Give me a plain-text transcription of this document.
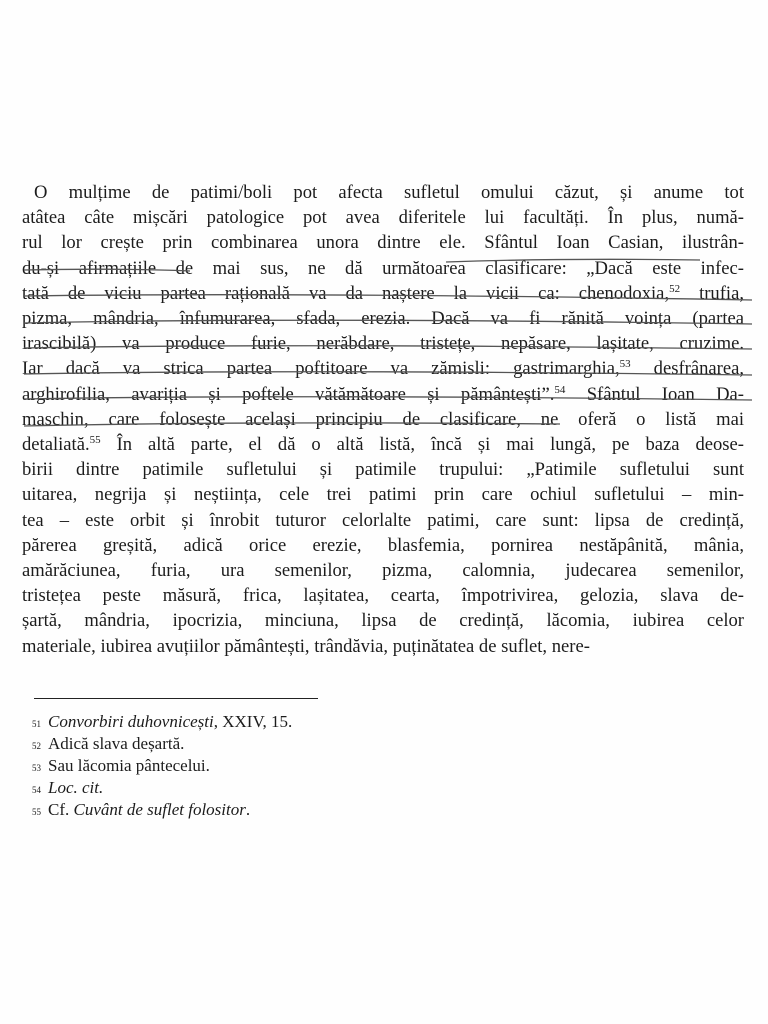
O mulțime de patimi/boli pot afecta sufletul omului căzut, și anume tot
atâtea câte mișcări patologice pot avea diferitele lui facultăți. În plus, numă-
rul lor crește prin combinarea unora dintre ele. Sfântul Ioan Casian, ilustrân-
du-și afirmațiile de mai sus, ne dă următoarea clasificare: „Dacă este infec-
tată de viciu partea rațională va da naștere la vicii ca: chenodoxia,$^{52}$ trufia,
pizma, mândria, înfumurarea, sfada, erezia. Dacă va fi rănită voința (partea
irascibilă) va produce furie, nerăbdare, tristețe, nepăsare, lașitate, cruzime.
Iar dacă va strica partea poftitoare va zămisli: gastrimarghia,$^{53}$ desfrânarea,
arghirofilia, avariția și poftele vătămătoare și pământești”.$^{54}$ Sfântul Ioan Da-
maschin, care folosește același principiu de clasificare, ne oferă o listă mai
detaliată.$^{55}$ În altă parte, el dă o altă listă, încă și mai lungă, pe baza deose-
birii dintre patimile sufletului și patimile trupului: „Patimile sufletului sunt
uitarea, negrija și neștiința, cele trei patimi prin care ochiul sufletului – min-
tea – este orbit și înrobit tuturor celorlalte patimi, care sunt: lipsa de credință,
părerea greșită, adică orice erezie, blasfemia, pornirea nestăpânită, mânia,
amărăciunea, furia, ura semenilor, pizma, calomnia, judecarea semenilor,
tristețea peste măsură, frica, lașitatea, cearta, împotrivirea, gelozia, slava de-
șartă, mândria, ipocrizia, minciuna, lipsa de credință, lăcomia, iubirea celor
materiale, iubirea avuțiilor pământești, trândăvia, puținătatea de suflet, nere-
51 Convorbiri duhovnicești, XXIV, 15.
52 Adică slava deșartă.
53 Sau lăcomia pântecelui.
54 Loc. cit.
55 Cf. Cuvânt de suflet folositor.
